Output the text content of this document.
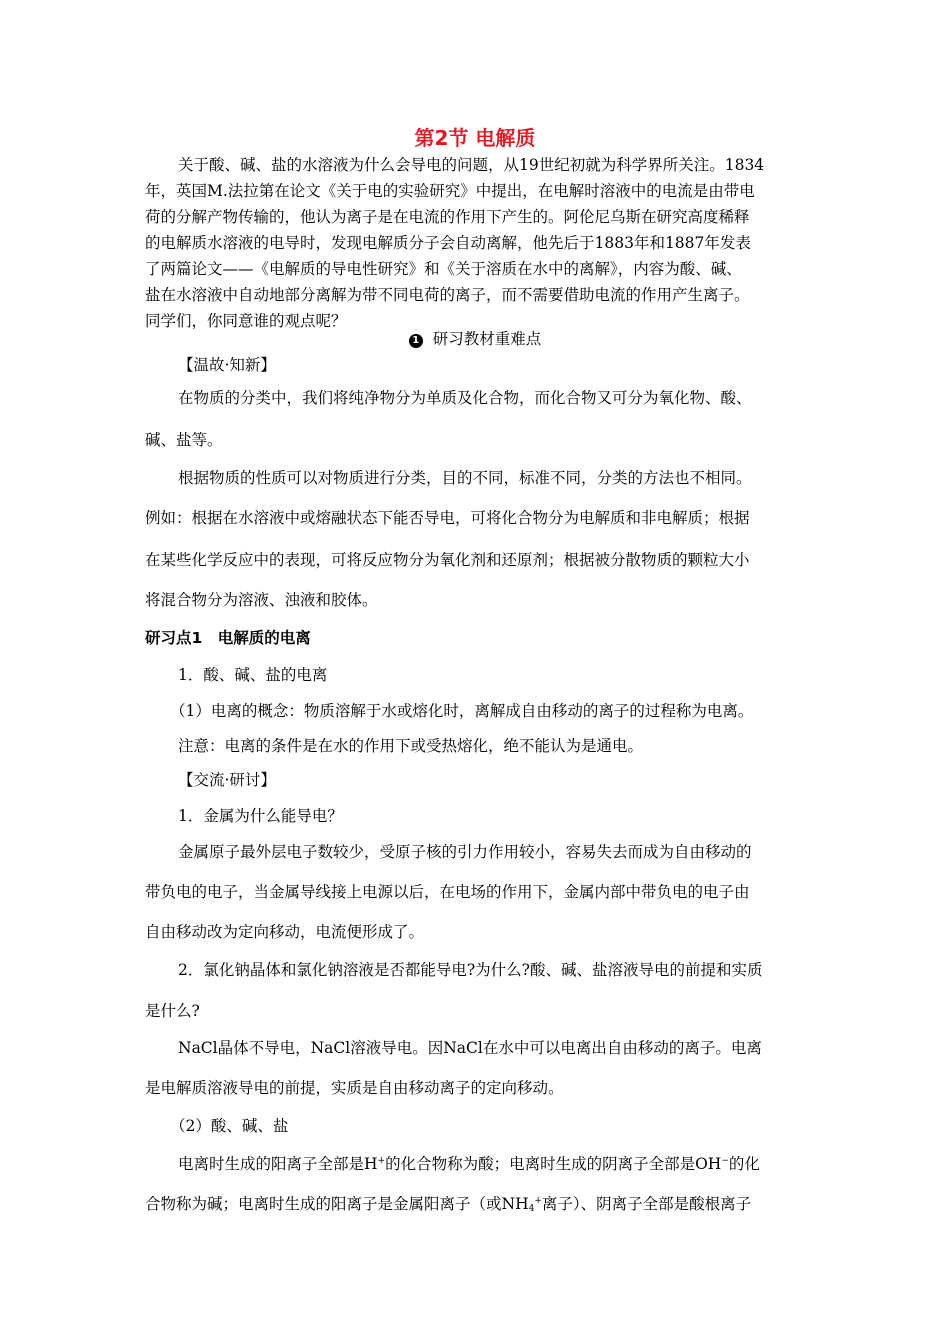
第2节 电解质
关于酸、碱、盐的水溶液为什么会导电的问题，从19世纪初就为科学界所关注。1834
年，英国M.法拉第在论文《关于电的实验研究》中提出，在电解时溶液中的电流是由带电
荷的分解产物传输的，他认为离子是在电流的作用下产生的。阿伦尼乌斯在研究高度稀释
的电解质水溶液的电导时，发现电解质分子会自动离解，他先后于1883年和1887年发表
了两篇论文——《电解质的导电性研究》和《关于溶质在水中的离解》，内容为酸、碱、
盐在水溶液中自动地部分离解为带不同电荷的离子，而不需要借助电流的作用产生离子。
同学们，你同意谁的观点呢？
1 研习教材重难点
【温故·知新】
在物质的分类中，我们将纯净物分为单质及化合物，而化合物又可分为氧化物、酸、
碱、盐等。
根据物质的性质可以对物质进行分类，目的不同，标准不同，分类的方法也不相同。
例如：根据在水溶液中或熔融状态下能否导电，可将化合物分为电解质和非电解质；根据
在某些化学反应中的表现，可将反应物分为氧化剂和还原剂；根据被分散物质的颗粒大小
将混合物分为溶液、浊液和胶体。
研习点1　电解质的电离
1．酸、碱、盐的电离
（1）电离的概念：物质溶解于水或熔化时，离解成自由移动的离子的过程称为电离。
注意：电离的条件是在水的作用下或受热熔化，绝不能认为是通电。
【交流·研讨】
1．金属为什么能导电？
金属原子最外层电子数较少，受原子核的引力作用较小，容易失去而成为自由移动的
带负电的电子，当金属导线接上电源以后，在电场的作用下，金属内部中带负电的电子由
自由移动改为定向移动，电流便形成了。
2．氯化钠晶体和氯化钠溶液是否都能导电?为什么?酸、碱、盐溶液导电的前提和实质
是什么?
NaCl晶体不导电，NaCl溶液导电。因NaCl在水中可以电离出自由移动的离子。电离
是电解质溶液导电的前提，实质是自由移动离子的定向移动。
（2）酸、碱、盐
电离时生成的阳离子全部是H+的化合物称为酸；电离时生成的阴离子全部是OH−的化
合物称为碱；电离时生成的阳离子是金属阳离子（或$NH_4^+$离子）、阴离子全部是酸根离子
